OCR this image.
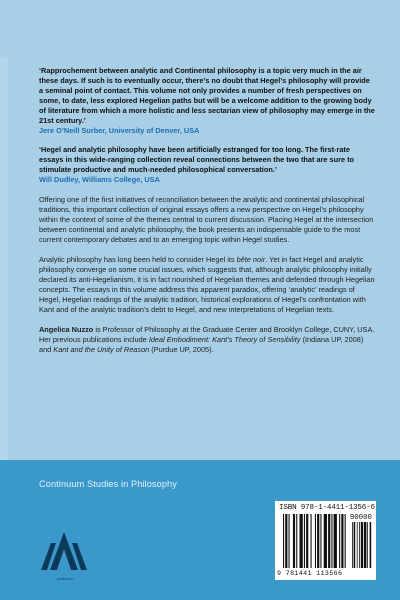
‘Rapprochement between analytic and Continental philosophy is a topic very much in the air these days. If such is to eventually occur, there’s no doubt that Hegel’s philosophy will provide a seminal point of contact. This volume not only provides a number of fresh perspectives on some, to date, less explored Hegelian paths but will be a welcome addition to the growing body of literature from which a more holistic and less sectarian view of philosophy may emerge in the 21st century.’

Jere O’Neill Surber, University of Denver, USA

‘Hegel and analytic philosophy have been artificially estranged for too long. The first-rate essays in this wide-ranging collection reveal connections between the two that are sure to stimulate productive and much-needed philosophical conversation.’

Will Dudley, Williams College, USA

Offering one of the first initiatives of reconciliation between the analytic and continental philosophical traditions, this important collection of original essays offers a new perspective on Hegel’s philosophy within the context of some of the themes central to current discussion. Placing Hegel at the intersection between continental and analytic philosophy, the book presents an indispensable guide to the most current contemporary debates and to an emerging topic within Hegel studies.

Analytic philosophy has long been held to consider Hegel its bête noir. Yet in fact Hegel and analytic philosophy converge on some crucial issues, which suggests that, although analytic philosophy initially declared its anti-Hegelianism, it is in fact nourished of Hegelian themes and defended through Hegelian concepts. The essays in this volume address this apparent paradox, offering ‘analytic’ readings of Hegel, Hegelian readings of the analytic tradition, historical explorations of Hegel’s confrontation with Kant and of the analytic tradition’s debt to Hegel, and new interpretations of Hegelian texts.

Angelica Nuzzo is Professor of Philosophy at the Graduate Center and Brooklyn College, CUNY, USA. Her previous publications include Ideal Embodiment: Kant’s Theory of Sensibility (Indiana UP, 2008) and Kant and the Unity of Reason (Purdue UP, 2005).

Continuum Studies in Philosophy
continuum
ISBN 978-1-4411-1356-6
90000
9 781441 113566
